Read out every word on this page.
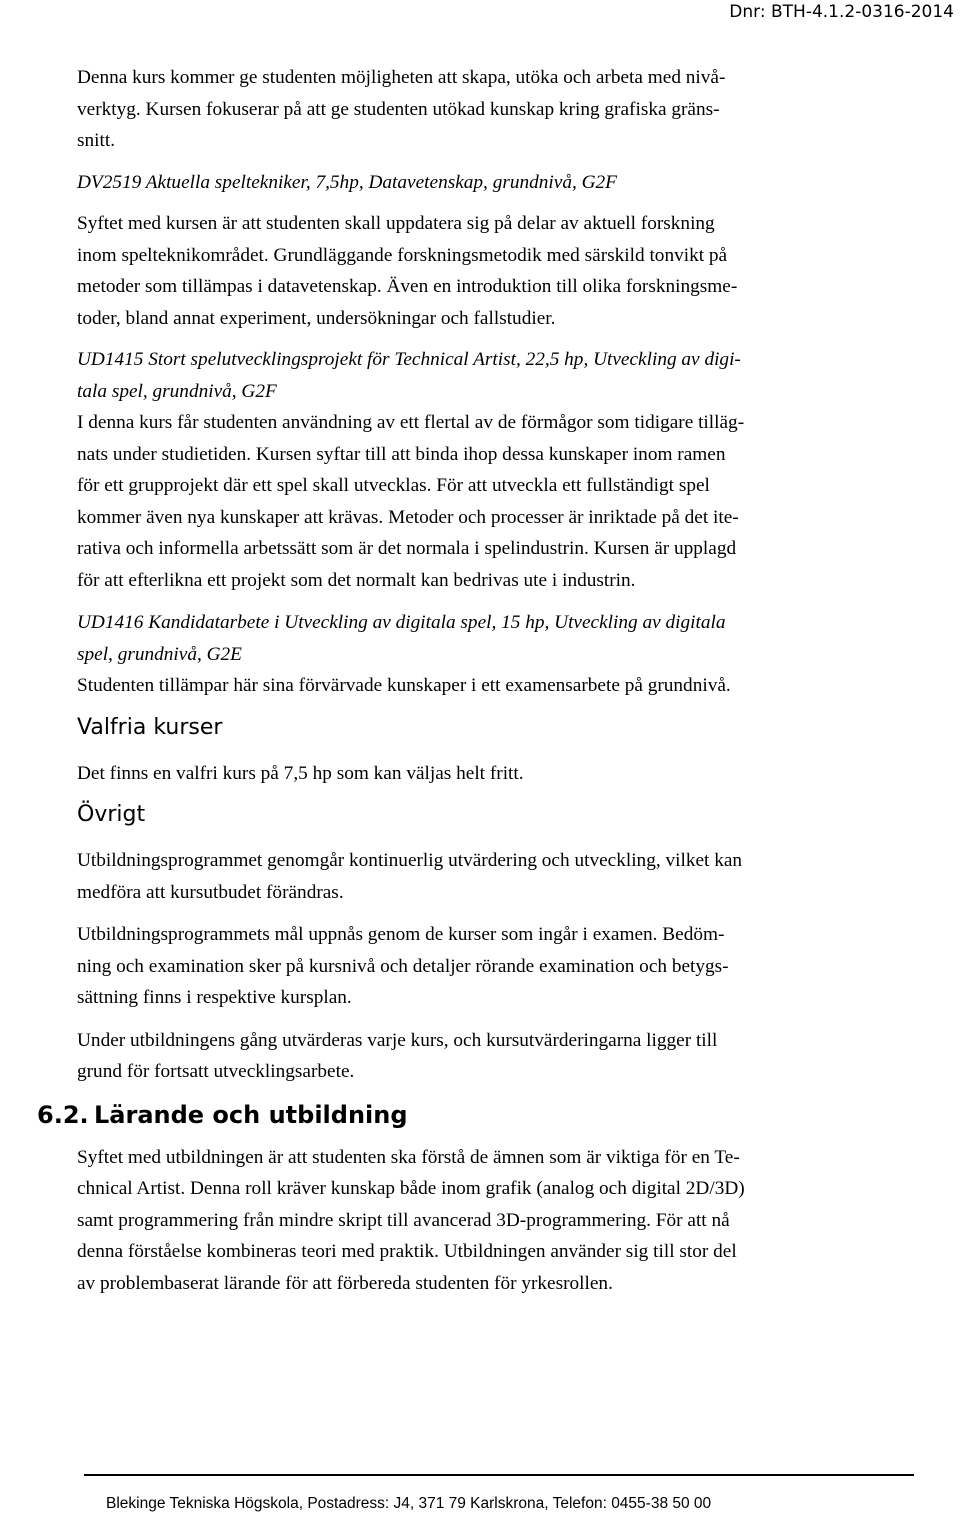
Dnr: BTH-4.1.2-0316-2014

Denna kurs kommer ge studenten möjligheten att skapa, utöka och arbeta med nivå-
verktyg. Kursen fokuserar på att ge studenten utökad kunskap kring grafiska gräns-
snitt.

DV2519 Aktuella speltekniker, 7,5hp, Datavetenskap, grundnivå, G2F

Syftet med kursen är att studenten skall uppdatera sig på delar av aktuell forskning
inom spelteknikområdet. Grundläggande forskningsmetodik med särskild tonvikt på
metoder som tillämpas i datavetenskap. Även en introduktion till olika forskningsme-
toder, bland annat experiment, undersökningar och fallstudier.

UD1415 Stort spelutvecklingsprojekt för Technical Artist, 22,5 hp, Utveckling av digi-
tala spel, grundnivå, G2F
I denna kurs får studenten användning av ett flertal av de förmågor som tidigare tilläg-
nats under studietiden. Kursen syftar till att binda ihop dessa kunskaper inom ramen
för ett grupprojekt där ett spel skall utvecklas. För att utveckla ett fullständigt spel
kommer även nya kunskaper att krävas. Metoder och processer är inriktade på det ite-
rativa och informella arbetssätt som är det normala i spelindustrin. Kursen är upplagd
för att efterlikna ett projekt som det normalt kan bedrivas ute i industrin.

UD1416 Kandidatarbete i Utveckling av digitala spel, 15 hp, Utveckling av digitala
spel, grundnivå, G2E
Studenten tillämpar här sina förvärvade kunskaper i ett examensarbete på grundnivå.

Valfria kurser

Det finns en valfri kurs på 7,5 hp som kan väljas helt fritt.

Övrigt

Utbildningsprogrammet genomgår kontinuerlig utvärdering och utveckling, vilket kan
medföra att kursutbudet förändras.

Utbildningsprogrammets mål uppnås genom de kurser som ingår i examen. Bedöm-
ning och examination sker på kursnivå och detaljer rörande examination och betygs-
sättning finns i respektive kursplan.

Under utbildningens gång utvärderas varje kurs, och kursutvärderingarna ligger till
grund för fortsatt utvecklingsarbete.

6.2. Lärande och utbildning

Syftet med utbildningen är att studenten ska förstå de ämnen som är viktiga för en Te-
chnical Artist. Denna roll kräver kunskap både inom grafik (analog och digital 2D/3D)
samt programmering från mindre skript till avancerad 3D-programmering. För att nå
denna förståelse kombineras teori med praktik. Utbildningen använder sig till stor del
av problembaserat lärande för att förbereda studenten för yrkesrollen.

Blekinge Tekniska Högskola, Postadress: J4, 371 79 Karlskrona, Telefon: 0455-38 50 00
